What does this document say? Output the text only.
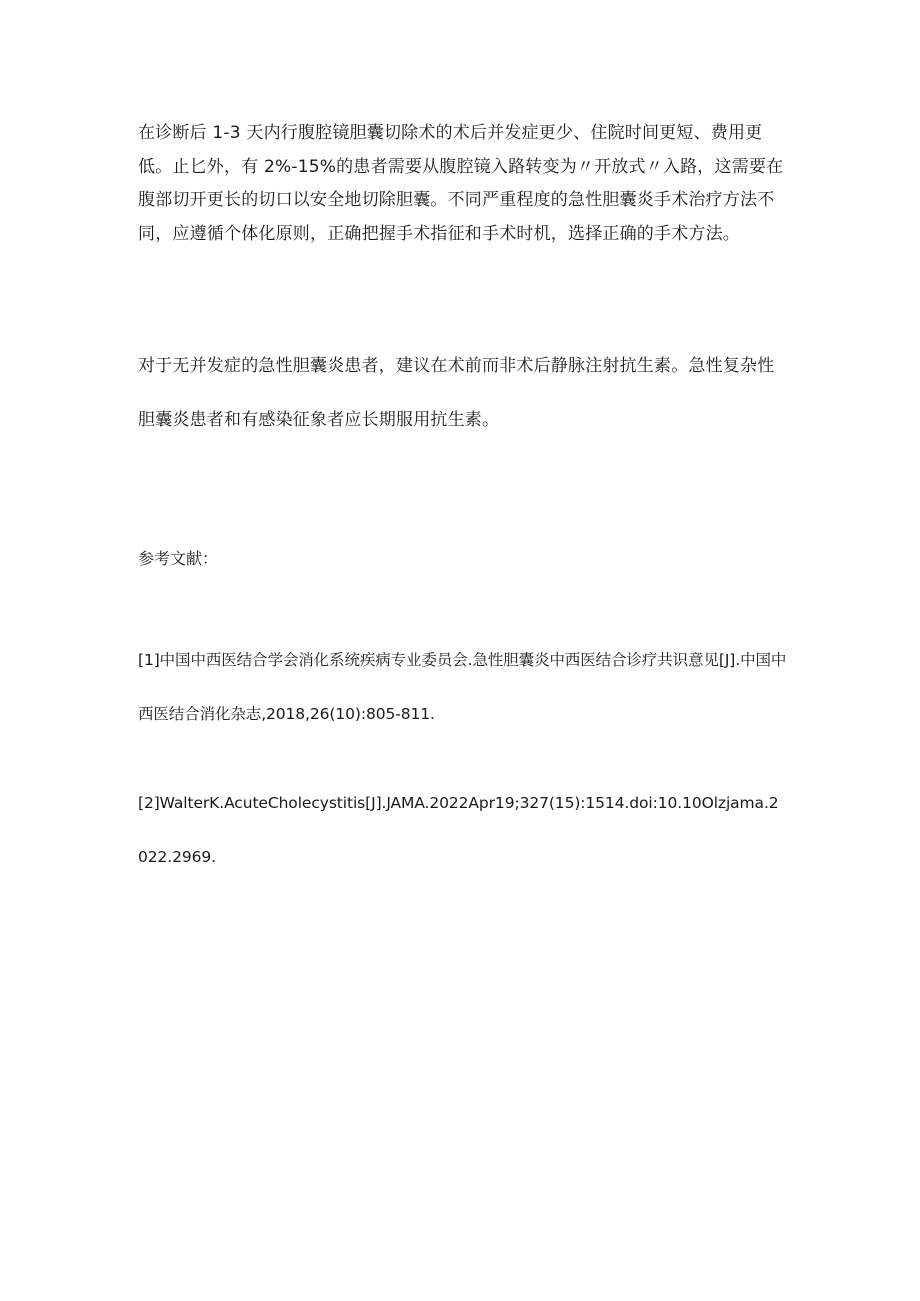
在诊断后 1-3 天内行腹腔镜胆囊切除术的术后并发症更少、住院时间更短、费用更低。止匕外，有 2%-15%的患者需要从腹腔镜入路转变为〃开放式〃入路，这需要在腹部切开更长的切口以安全地切除胆囊。不同严重程度的急性胆囊炎手术治疗方法不同，应遵循个体化原则，正确把握手术指征和手术时机，选择正确的手术方法。

对于无并发症的急性胆囊炎患者，建议在术前而非术后静脉注射抗生素。急性复杂性胆囊炎患者和有感染征象者应长期服用抗生素。

参考文献：

[1]中国中西医结合学会消化系统疾病专业委员会.急性胆囊炎中西医结合诊疗共识意见[J].中国中西医结合消化杂志,2018,26(10):805-811.

[2]WalterK.AcuteCholecystitis[J].JAMA.2022Apr19;327(15):1514.doi:10.10Olzjama.2022.2969.
